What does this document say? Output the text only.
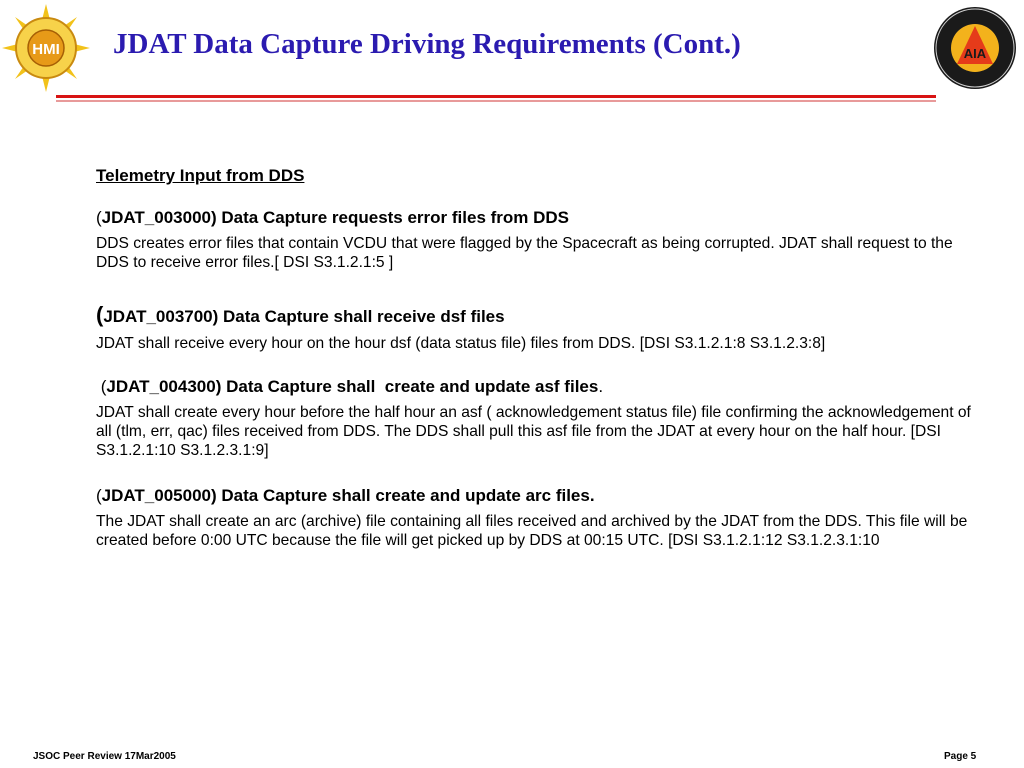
HMI	AIA
JDAT Data Capture Driving Requirements (Cont.)

Telemetry Input from DDS

(JDAT_003000) Data Capture requests error files from DDS

DDS creates error files that contain VCDU that were flagged by the Spacecraft as being corrupted. JDAT shall request to the DDS to receive error files.[ DSI S3.1.2.1:5 ]

(JDAT_003700) Data Capture shall receive dsf files

JDAT shall receive every hour on the hour dsf (data status file) files from DDS. [DSI S3.1.2.1:8 S3.1.2.3:8]

(JDAT_004300) Data Capture shall  create and update asf files.

JDAT shall create every hour before the half hour an asf ( acknowledgement status file) file confirming the acknowledgement of all (tlm, err, qac) files received from DDS. The DDS shall pull this asf file from the JDAT at every hour on the half hour. [DSI S3.1.2.1:10 S3.1.2.3.1:9]

(JDAT_005000) Data Capture shall create and update arc files.

The JDAT shall create an arc (archive) file containing all files received and archived by the JDAT from the DDS. This file will be created before 0:00 UTC because the file will get picked up by DDS at 00:15 UTC. [DSI S3.1.2.1:12 S3.1.2.3.1:10

JSOC Peer Review 17Mar2005	Page 5
